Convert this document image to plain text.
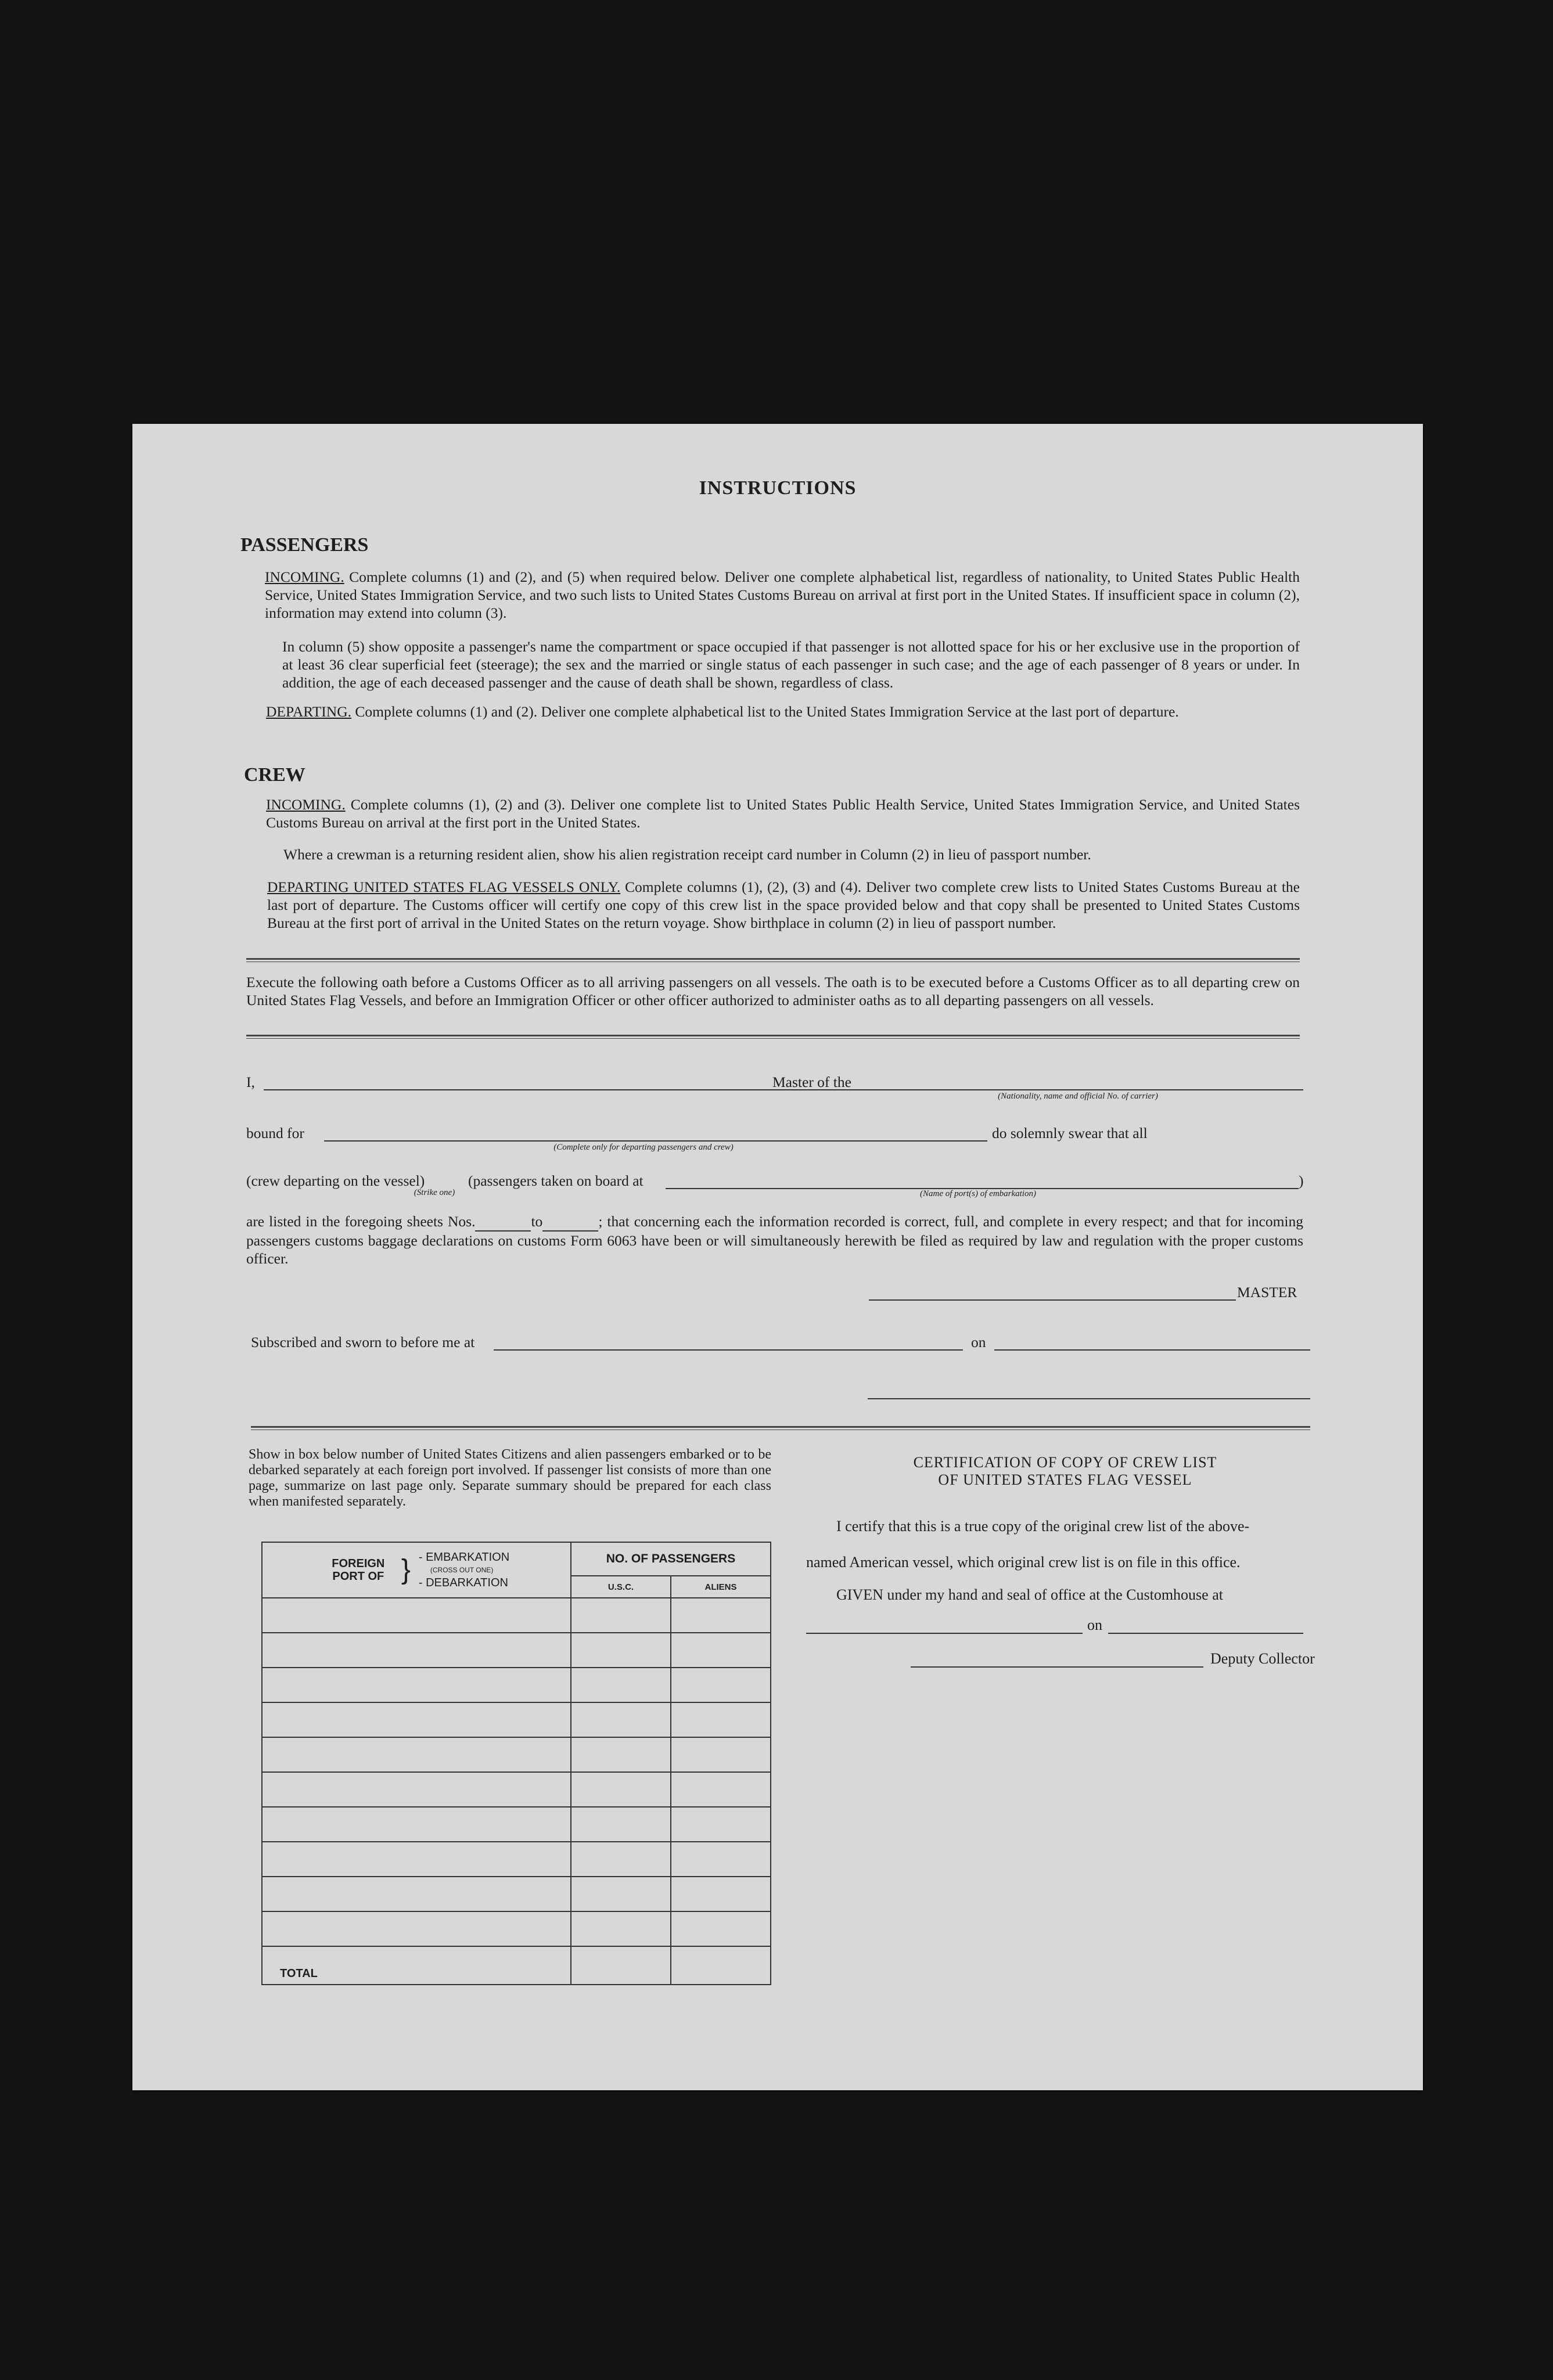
INSTRUCTIONS
PASSENGERS
INCOMING. Complete columns (1) and (2), and (5) when required below. Deliver one complete alphabetical list, regardless of nationality, to United States Public Health Service, United States Immigration Service, and two such lists to United States Customs Bureau on arrival at first port in the United States. If insufficient space in column (2), information may extend into column (3).
In column (5) show opposite a passenger's name the compartment or space occupied if that passenger is not allotted space for his or her exclusive use in the proportion of at least 36 clear superficial feet (steerage); the sex and the married or single status of each passenger in such case; and the age of each passenger of 8 years or under. In addition, the age of each deceased passenger and the cause of death shall be shown, regardless of class.
DEPARTING. Complete columns (1) and (2). Deliver one complete alphabetical list to the United States Immigration Service at the last port of departure.
CREW
INCOMING. Complete columns (1), (2) and (3). Deliver one complete list to United States Public Health Service, United States Immigration Service, and United States Customs Bureau on arrival at the first port in the United States.
Where a crewman is a returning resident alien, show his alien registration receipt card number in Column (2) in lieu of passport number.
DEPARTING UNITED STATES FLAG VESSELS ONLY. Complete columns (1), (2), (3) and (4). Deliver two complete crew lists to United States Customs Bureau at the last port of departure. The Customs officer will certify one copy of this crew list in the space provided below and that copy shall be presented to United States Customs Bureau at the first port of arrival in the United States on the return voyage. Show birthplace in column (2) in lieu of passport number.
Execute the following oath before a Customs Officer as to all arriving passengers on all vessels. The oath is to be executed before a Customs Officer as to all departing crew on United States Flag Vessels, and before an Immigration Officer or other officer authorized to administer oaths as to all departing passengers on all vessels.
I,	Master of the
(Nationality, name and official No. of carrier)
bound for	do solemnly swear that all
(Complete only for departing passengers and crew)
(crew departing on the vessel)
(Strike one)
(passengers taken on board at	)
(Name of port(s) of embarkation)
are listed in the foregoing sheets Nos.	to	; that concerning each the information recorded is correct, full, and complete in every respect; and that for incoming passengers customs baggage declarations on customs Form 6063 have been or will simultaneously herewith be filed as required by law and regulation with the proper customs officer.
MASTER
Subscribed and sworn to before me at	on
Show in box below number of United States Citizens and alien passengers embarked or to be debarked separately at each foreign port involved. If passenger list consists of more than one page, summarize on last page only. Separate summary should be prepared for each class when manifested separately.
FOREIGN PORT OF } - EMBARKATION
(CROSS OUT ONE)
- DEBARKATION	NO. OF PASSENGERS	
	U.S.C.	ALIENS

TOTAL		
CERTIFICATION OF COPY OF CREW LIST
OF UNITED STATES FLAG VESSEL
I certify that this is a true copy of the original crew list of the above-
named American vessel, which original crew list is on file in this office.
GIVEN under my hand and seal of office at the Customhouse at
on
Deputy Collector
